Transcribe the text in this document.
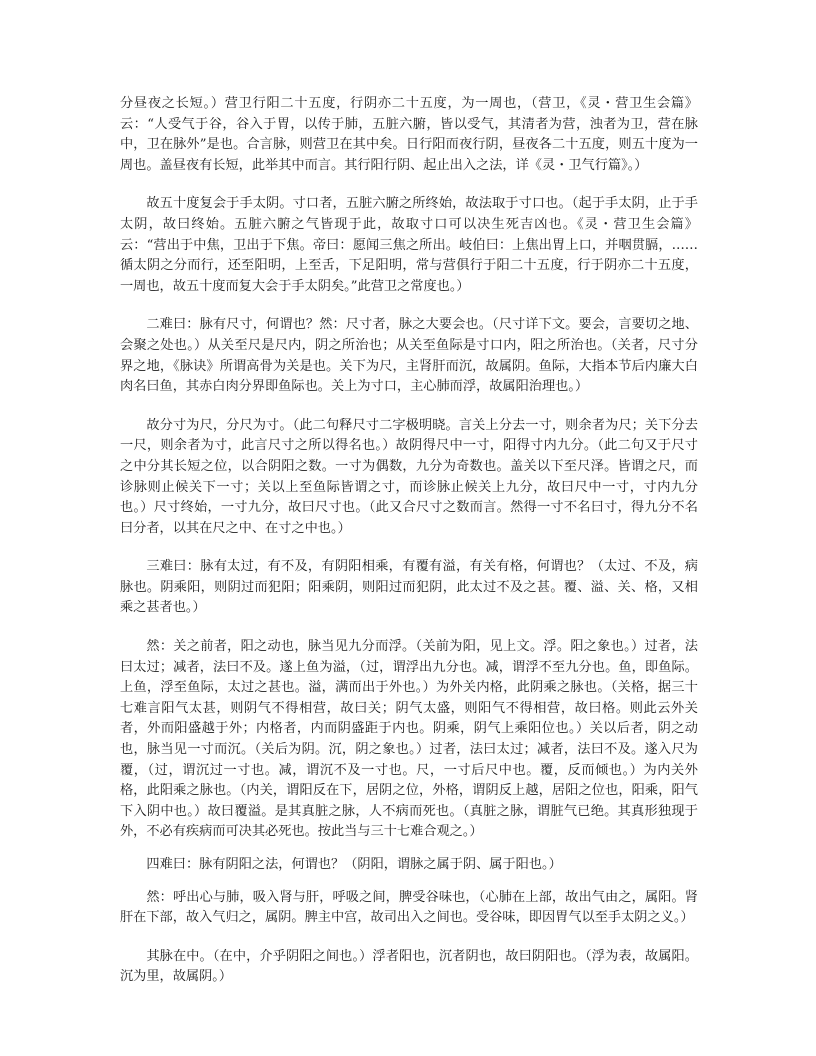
分昼夜之长短。）营卫行阳二十五度，行阴亦二十五度，为一周也，（营卫，《灵・营卫生会篇》云：“人受气于谷，谷入于胃，以传于肺，五脏六腑，皆以受气，其清者为营，浊者为卫，营在脉中，卫在脉外”是也。合言脉，则营卫在其中矣。日行阳而夜行阴，昼夜各二十五度，则五十度为一周也。盖昼夜有长短，此举其中而言。其行阳行阴、起止出入之法，详《灵・卫气行篇》。）

故五十度复会于手太阴。寸口者，五脏六腑之所终始，故法取于寸口也。（起于手太阴，止于手太阴，故曰终始。五脏六腑之气皆现于此，故取寸口可以决生死吉凶也。《灵・营卫生会篇》云：“营出于中焦，卫出于下焦。帝曰：愿闻三焦之所出。岐伯曰：上焦出胃上口，并咽贯膈，……循太阴之分而行，还至阳明，上至舌，下足阳明，常与营俱行于阳二十五度，行于阴亦二十五度，一周也，故五十度而复大会于手太阴矣。”此营卫之常度也。）

二难曰：脉有尺寸，何谓也？然：尺寸者，脉之大要会也。（尺寸详下文。要会，言要切之地、会聚之处也。）从关至尺是尺内，阴之所治也；从关至鱼际是寸口内，阳之所治也。（关者，尺寸分界之地，《脉诀》所谓高骨为关是也。关下为尺，主肾肝而沉，故属阴。鱼际，大指本节后内廉大白肉名曰鱼，其赤白肉分界即鱼际也。关上为寸口，主心肺而浮，故属阳治理也。）

故分寸为尺，分尺为寸。（此二句释尺寸二字极明晓。言关上分去一寸，则余者为尺；关下分去一尺，则余者为寸，此言尺寸之所以得名也。）故阴得尺中一寸，阳得寸内九分。（此二句又于尺寸之中分其长短之位，以合阴阳之数。一寸为偶数，九分为奇数也。盖关以下至尺泽。皆谓之尺，而诊脉则止候关下一寸；关以上至鱼际皆谓之寸，而诊脉止候关上九分，故曰尺中一寸，寸内九分也。）尺寸终始，一寸九分，故曰尺寸也。（此又合尺寸之数而言。然得一寸不名曰寸，得九分不名曰分者，以其在尺之中、在寸之中也。）

三难曰：脉有太过，有不及，有阴阳相乘，有覆有溢，有关有格，何谓也？（太过、不及，病脉也。阴乘阳，则阴过而犯阳；阳乘阴，则阳过而犯阴，此太过不及之甚。覆、溢、关、格，又相乘之甚者也。）

然：关之前者，阳之动也，脉当见九分而浮。（关前为阳，见上文。浮。阳之象也。）过者，法曰太过；减者，法曰不及。遂上鱼为溢，（过，谓浮出九分也。减，谓浮不至九分也。鱼，即鱼际。上鱼，浮至鱼际，太过之甚也。溢，满而出于外也。）为外关内格，此阴乘之脉也。（关格，据三十七难言阳气太甚，则阴气不得相营，故曰关；阴气太盛，则阳气不得相营，故曰格。则此云外关者，外而阳盛越于外；内格者，内而阴盛距于内也。阴乘，阴气上乘阳位也。）关以后者，阴之动也，脉当见一寸而沉。（关后为阴。沉，阴之象也。）过者，法曰太过；减者，法曰不及。遂入尺为覆，（过，谓沉过一寸也。减，谓沉不及一寸也。尺，一寸后尺中也。覆，反而倾也。）为内关外格，此阳乘之脉也。（内关，谓阳反在下，居阴之位，外格，谓阴反上越，居阳之位也，阳乘，阳气下入阴中也。）故曰覆溢。是其真脏之脉，人不病而死也。（真脏之脉，谓脏气已绝。其真形独现于外，不必有疾病而可决其必死也。按此当与三十七难合观之。）

四难曰：脉有阴阳之法，何谓也？（阴阳，谓脉之属于阴、属于阳也。）

然：呼出心与肺，吸入肾与肝，呼吸之间，脾受谷味也，（心肺在上部，故出气由之，属阳。肾肝在下部，故入气归之，属阴。脾主中宫，故司出入之间也。受谷味，即因胃气以至手太阴之义。）

其脉在中。（在中，介乎阴阳之间也。）浮者阳也，沉者阴也，故曰阴阳也。（浮为表，故属阳。沉为里，故属阴。）
